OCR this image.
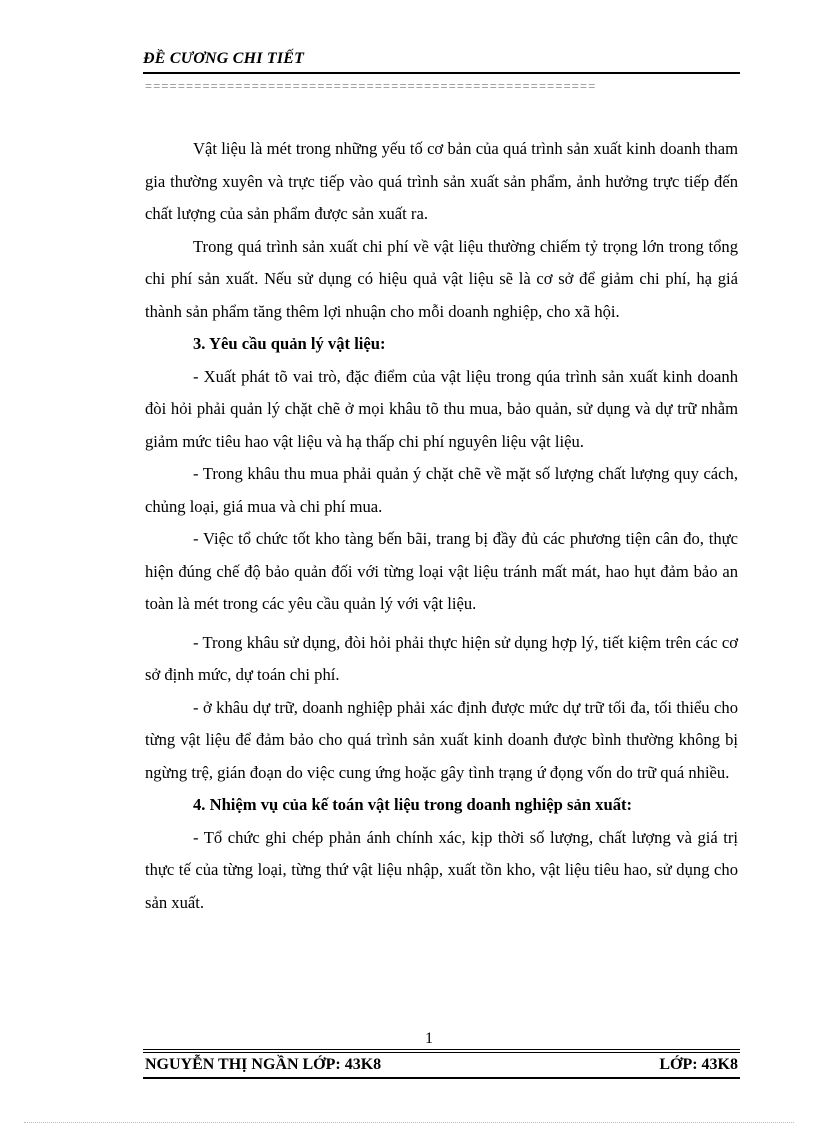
ĐỀ CƯƠNG CHI TIẾT

=======================================================

Vật liệu là mét trong những yếu tố cơ bản của quá trình sản xuất kinh doanh tham gia thường xuyên và trực tiếp vào quá trình sản xuất sản phẩm, ảnh hưởng trực tiếp đến chất lượng của sản phẩm được sản xuất ra.

Trong quá trình sản xuất chi phí về vật liệu thường chiếm tỷ trọng lớn trong tổng chi phí sản xuất. Nếu sử dụng có hiệu quả vật liệu sẽ là cơ sở để giảm chi phí, hạ giá thành sản phẩm tăng thêm lợi nhuận cho mỗi doanh nghiệp, cho xã hội.

3. Yêu cầu quản lý vật liệu:

- Xuất phát tõ vai trò, đặc điểm của vật liệu trong qúa trình sản xuất kinh doanh đòi hỏi phải quản lý chặt chẽ ở mọi khâu tõ thu mua, bảo quản, sử dụng và dự trữ nhằm giảm mức tiêu hao vật liệu và hạ thấp chi phí nguyên liệu vật liệu.

- Trong khâu thu mua phải quản ý chặt chẽ về mặt số lượng chất lượng quy cách, chủng loại, giá mua và chi phí mua.

- Việc tổ chức tốt kho tàng bến bãi, trang bị đầy đủ các phương tiện cân đo, thực hiện đúng chế độ bảo quản đối với từng loại vật liệu tránh mất mát, hao hụt đảm bảo an toàn là mét trong các yêu cầu quản lý với vật liệu.

- Trong khâu sử dụng, đòi hỏi phải thực hiện sử dụng hợp lý, tiết kiệm trên các cơ sở định mức, dự toán chi phí.

- ở khâu dự trữ, doanh nghiệp phải xác định được mức dự trữ tối đa, tối thiểu cho từng vật liệu để đảm bảo cho quá trình sản xuất kinh doanh được bình thường không bị ngừng trệ, gián đoạn do việc cung ứng hoặc gây tình trạng ứ đọng vốn do trữ quá nhiều.

4. Nhiệm vụ của kế toán vật liệu trong doanh nghiệp sản xuất:

- Tổ chức ghi chép phản ánh chính xác, kịp thời số lượng, chất lượng và giá trị thực tế của từng loại, từng thứ vật liệu nhập, xuất tồn kho, vật liệu tiêu hao, sử dụng cho sản xuất.

1
NGUYỄN THỊ NGẦN LỚP: 43K8	LỚP: 43K8
